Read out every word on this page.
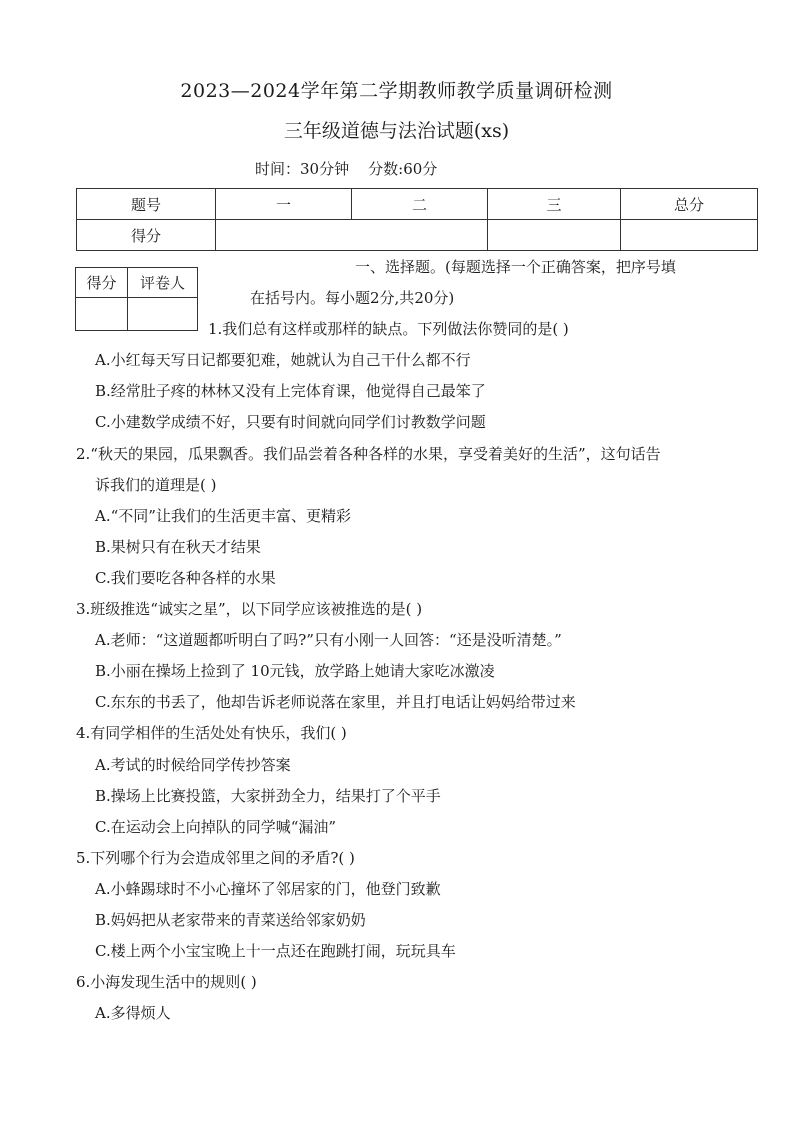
2023—2024学年第二学期教师教学质量调研检测
三年级道德与法治试题(xs)
时间：30分钟    分数:60分
题号	一	二	三	总分
得分				
得分	评卷人

一、选择题。(每题选择一个正确答案，把序号填
在括号内。每小题2分,共20分)
1.我们总有这样或那样的缺点。下列做法你赞同的是( )
A.小红每天写日记都要犯难，她就认为自己干什么都不行
B.经常肚子疼的林林又没有上完体育课，他觉得自己最笨了
C.小建数学成绩不好，只要有时间就向同学们讨教数学问题
2.“秋天的果园，瓜果飘香。我们品尝着各种各样的水果，享受着美好的生活”，这句话告
诉我们的道理是( )
A.“不同”让我们的生活更丰富、更精彩
B.果树只有在秋天才结果
C.我们要吃各种各样的水果
3.班级推选“诚实之星”，以下同学应该被推选的是( )
A.老师：“这道题都听明白了吗?”只有小刚一人回答：“还是没听清楚。”
B.小丽在操场上捡到了 10元钱，放学路上她请大家吃冰激凌
C.东东的书丢了，他却告诉老师说落在家里，并且打电话让妈妈给带过来
4.有同学相伴的生活处处有快乐，我们( )
A.考试的时候给同学传抄答案
B.操场上比赛投篮，大家拼劲全力，结果打了个平手
C.在运动会上向掉队的同学喊“漏油”
5.下列哪个行为会造成邻里之间的矛盾?( )
A.小蜂踢球时不小心撞坏了邻居家的门，他登门致歉
B.妈妈把从老家带来的青菜送给邻家奶奶
C.楼上两个小宝宝晚上十一点还在跑跳打闹，玩玩具车
6.小海发现生活中的规则( )
A.多得烦人
